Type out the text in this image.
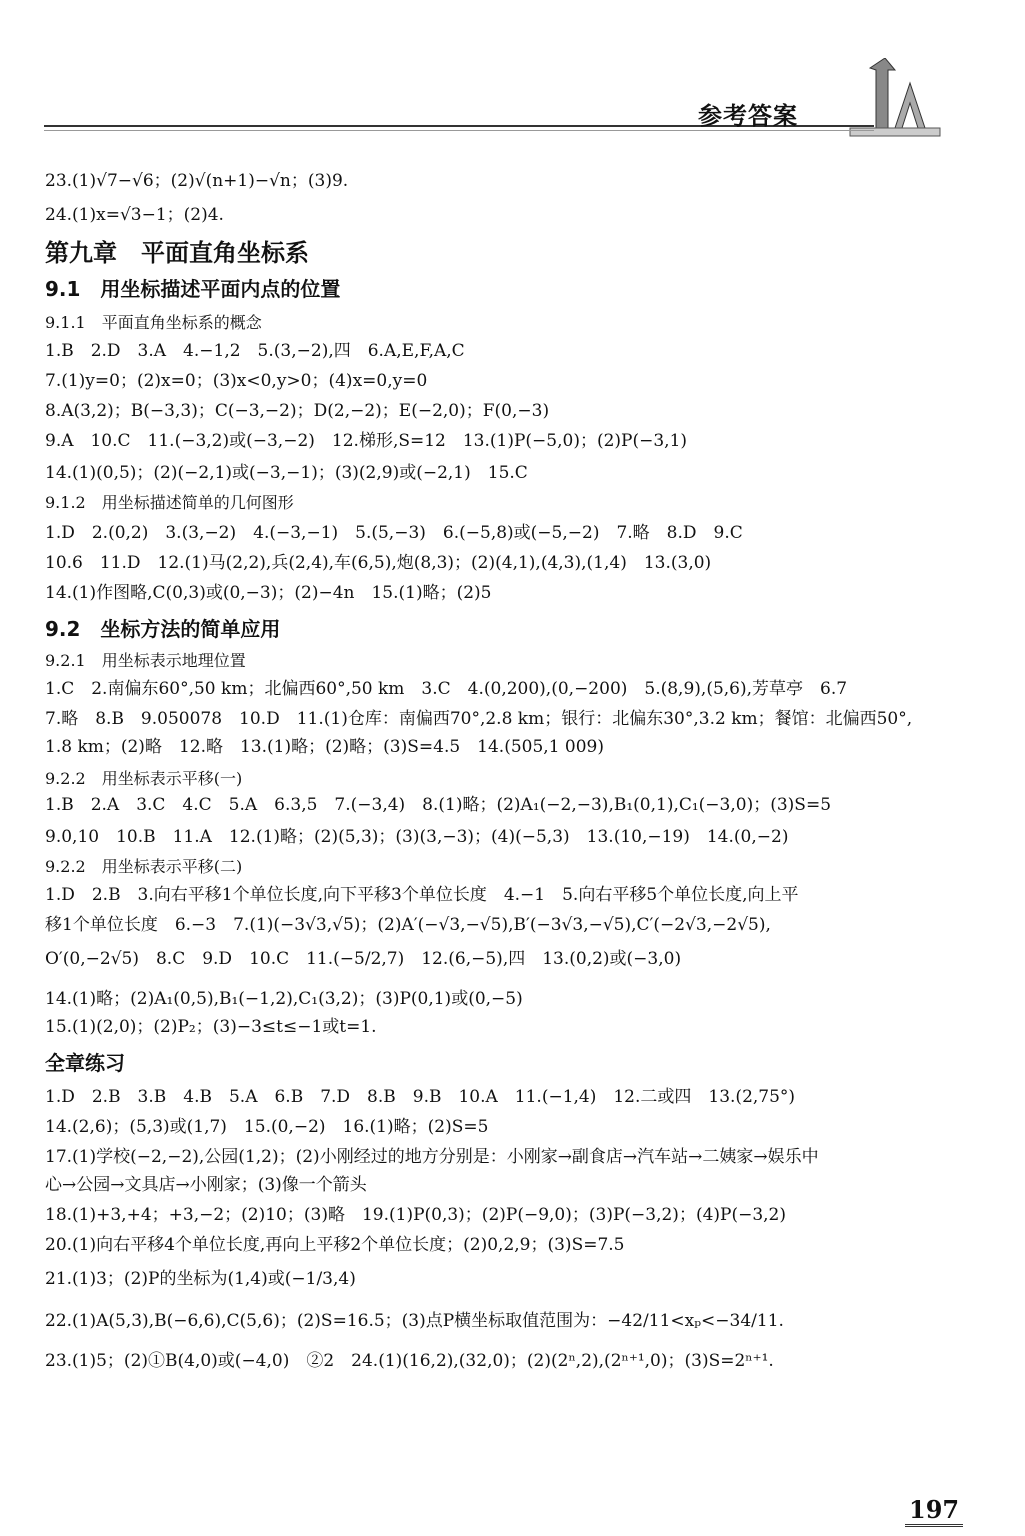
参考答案
23.(1)√7−√6；(2)√(n+1)−√n；(3)9.
24.(1)x=√3−1；(2)4.
第九章　平面直角坐标系
9.1　用坐标描述平面内点的位置
9.1.1　平面直角坐标系的概念
1.B　2.D　3.A　4.−1,2　5.(3,−2),四　6.A,E,F,A,C
7.(1)y=0；(2)x=0；(3)x<0,y>0；(4)x=0,y=0
8.A(3,2)；B(−3,3)；C(−3,−2)；D(2,−2)；E(−2,0)；F(0,−3)
9.A　10.C　11.(−3,2)或(−3,−2)　12.梯形,S=12　13.(1)P(−5,0)；(2)P(−3,1)
14.(1)(0,5)；(2)(−2,1)或(−3,−1)；(3)(2,9)或(−2,1)　15.C
9.1.2　用坐标描述简单的几何图形
1.D　2.(0,2)　3.(3,−2)　4.(−3,−1)　5.(5,−3)　6.(−5,8)或(−5,−2)　7.略　8.D　9.C
10.6　11.D　12.(1)马(2,2),兵(2,4),车(6,5),炮(8,3)；(2)(4,1),(4,3),(1,4)　13.(3,0)
14.(1)作图略,C(0,3)或(0,−3)；(2)−4n　15.(1)略；(2)5
9.2　坐标方法的简单应用
9.2.1　用坐标表示地理位置
1.C　2.南偏东60°,50 km；北偏西60°,50 km　3.C　4.(0,200),(0,−200)　5.(8,9),(5,6),芳草亭　6.7
7.略　8.B　9.050078　10.D　11.(1)仓库：南偏西70°,2.8 km；银行：北偏东30°,3.2 km；餐馆：北偏西50°,
1.8 km；(2)略　12.略　13.(1)略；(2)略；(3)S=4.5　14.(505,1 009)
9.2.2　用坐标表示平移(一)
1.B　2.A　3.C　4.C　5.A　6.3,5　7.(−3,4)　8.(1)略；(2)A₁(−2,−3),B₁(0,1),C₁(−3,0)；(3)S=5
9.0,10　10.B　11.A　12.(1)略；(2)(5,3)；(3)(3,−3)；(4)(−5,3)　13.(10,−19)　14.(0,−2)
9.2.2　用坐标表示平移(二)
1.D　2.B　3.向右平移1个单位长度,向下平移3个单位长度　4.−1　5.向右平移5个单位长度,向上平
移1个单位长度　6.−3　7.(1)(−3√3,√5)；(2)A′(−√3,−√5),B′(−3√3,−√5),C′(−2√3,−2√5),
O′(0,−2√5)　8.C　9.D　10.C　11.(−5/2,7)　12.(6,−5),四　13.(0,2)或(−3,0)
14.(1)略；(2)A₁(0,5),B₁(−1,2),C₁(3,2)；(3)P(0,1)或(0,−5)
15.(1)(2,0)；(2)P₂；(3)−3≤t≤−1或t=1.
全章练习
1.D　2.B　3.B　4.B　5.A　6.B　7.D　8.B　9.B　10.A　11.(−1,4)　12.二或四　13.(2,75°)
14.(2,6)；(5,3)或(1,7)　15.(0,−2)　16.(1)略；(2)S=5
17.(1)学校(−2,−2),公园(1,2)；(2)小刚经过的地方分别是：小刚家→副食店→汽车站→二姨家→娱乐中
心→公园→文具店→小刚家；(3)像一个箭头
18.(1)+3,+4；+3,−2；(2)10；(3)略　19.(1)P(0,3)；(2)P(−9,0)；(3)P(−3,2)；(4)P(−3,2)
20.(1)向右平移4个单位长度,再向上平移2个单位长度；(2)0,2,9；(3)S=7.5
21.(1)3；(2)P的坐标为(1,4)或(−1/3,4)
22.(1)A(5,3),B(−6,6),C(5,6)；(2)S=16.5；(3)点P横坐标取值范围为：−42/11<xₚ<−34/11.
23.(1)5；(2)①B(4,0)或(−4,0)　②2　24.(1)(16,2),(32,0)；(2)(2ⁿ,2),(2ⁿ⁺¹,0)；(3)S=2ⁿ⁺¹.
197
